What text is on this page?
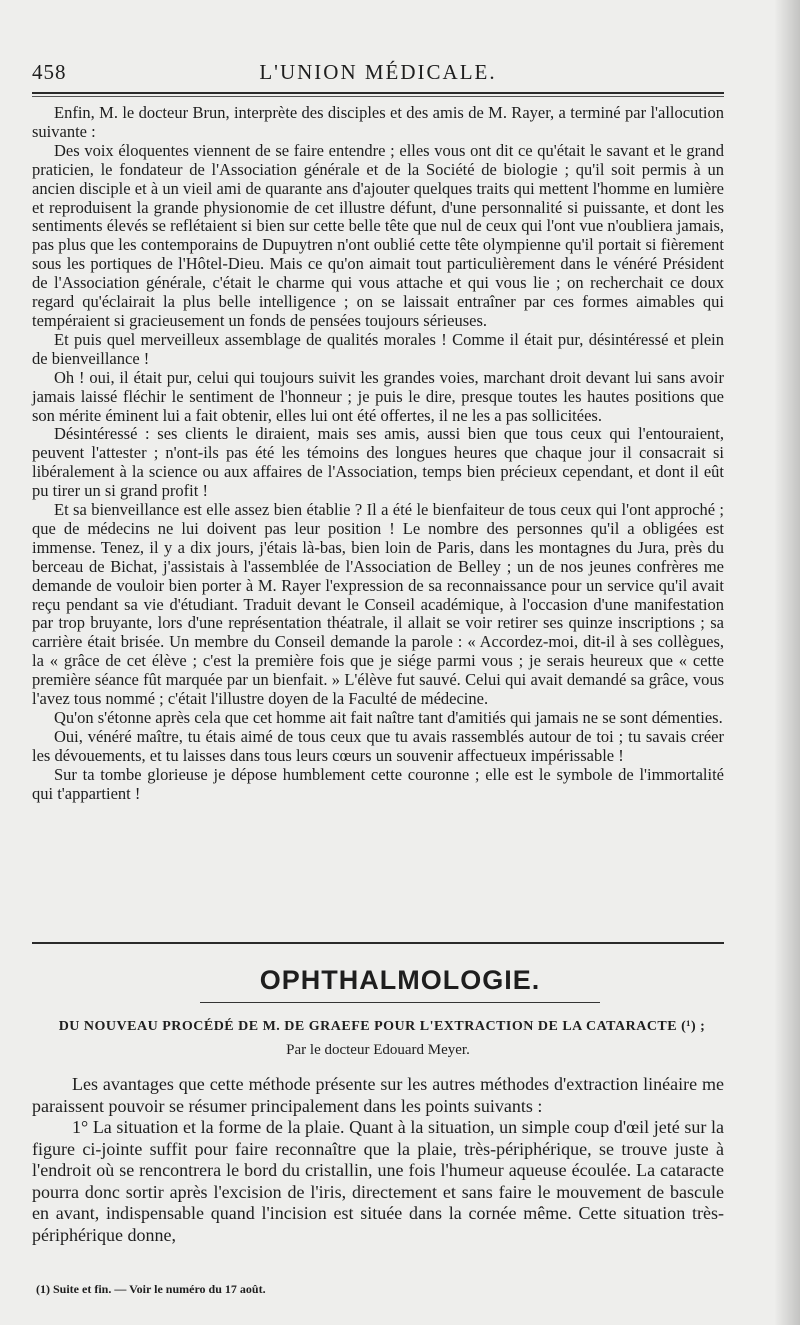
458	L'UNION MÉDICALE.

Enfin, M. le docteur Brun, interprète des disciples et des amis de M. Rayer, a terminé par l'allocution suivante :

Des voix éloquentes viennent de se faire entendre ; elles vous ont dit ce qu'était le savant et le grand praticien, le fondateur de l'Association générale et de la Société de biologie ; qu'il soit permis à un ancien disciple et à un vieil ami de quarante ans d'ajouter quelques traits qui mettent l'homme en lumière et reproduisent la grande physionomie de cet illustre défunt, d'une personnalité si puissante, et dont les sentiments élevés se reflétaient si bien sur cette belle tête que nul de ceux qui l'ont vue n'oubliera jamais, pas plus que les contemporains de Dupuytren n'ont oublié cette tête olympienne qu'il portait si fièrement sous les portiques de l'Hôtel-Dieu. Mais ce qu'on aimait tout particulièrement dans le vénéré Président de l'Association générale, c'était le charme qui vous attache et qui vous lie ; on recherchait ce doux regard qu'éclairait la plus belle intelligence ; on se laissait entraîner par ces formes aimables qui tempéraient si gracieusement un fonds de pensées toujours sérieuses.

Et puis quel merveilleux assemblage de qualités morales ! Comme il était pur, désintéressé et plein de bienveillance !

Oh ! oui, il était pur, celui qui toujours suivit les grandes voies, marchant droit devant lui sans avoir jamais laissé fléchir le sentiment de l'honneur ; je puis le dire, presque toutes les hautes positions que son mérite éminent lui a fait obtenir, elles lui ont été offertes, il ne les a pas sollicitées.

Désintéressé : ses clients le diraient, mais ses amis, aussi bien que tous ceux qui l'entouraient, peuvent l'attester ; n'ont-ils pas été les témoins des longues heures que chaque jour il consacrait si libéralement à la science ou aux affaires de l'Association, temps bien précieux cependant, et dont il eût pu tirer un si grand profit !

Et sa bienveillance est elle assez bien établie ? Il a été le bienfaiteur de tous ceux qui l'ont approché ; que de médecins ne lui doivent pas leur position ! Le nombre des personnes qu'il a obligées est immense. Tenez, il y a dix jours, j'étais là-bas, bien loin de Paris, dans les montagnes du Jura, près du berceau de Bichat, j'assistais à l'assemblée de l'Association de Belley ; un de nos jeunes confrères me demande de vouloir bien porter à M. Rayer l'expression de sa reconnaissance pour un service qu'il avait reçu pendant sa vie d'étudiant. Traduit devant le Conseil académique, à l'occasion d'une manifestation par trop bruyante, lors d'une représentation théatrale, il allait se voir retirer ses quinze inscriptions ; sa carrière était brisée. Un membre du Conseil demande la parole : « Accordez-moi, dit-il à ses collègues, la « grâce de cet élève ; c'est la première fois que je siége parmi vous ; je serais heureux que « cette première séance fût marquée par un bienfait. » L'élève fut sauvé. Celui qui avait demandé sa grâce, vous l'avez tous nommé ; c'était l'illustre doyen de la Faculté de médecine.

Qu'on s'étonne après cela que cet homme ait fait naître tant d'amitiés qui jamais ne se sont démenties.

Oui, vénéré maître, tu étais aimé de tous ceux que tu avais rassemblés autour de toi ; tu savais créer les dévouements, et tu laisses dans tous leurs cœurs un souvenir affectueux impérissable !

Sur ta tombe glorieuse je dépose humblement cette couronne ; elle est le symbole de l'immortalité qui t'appartient !

OPHTHALMOLOGIE.
DU NOUVEAU PROCÉDÉ DE M. DE GRAEFE POUR L'EXTRACTION DE LA CATARACTE (¹) ;
Par le docteur Edouard Meyer.

Les avantages que cette méthode présente sur les autres méthodes d'extraction linéaire me paraissent pouvoir se résumer principalement dans les points suivants :

1° La situation et la forme de la plaie. Quant à la situation, un simple coup d'œil jeté sur la figure ci-jointe suffit pour faire reconnaître que la plaie, très-périphérique, se trouve juste à l'endroit où se rencontrera le bord du cristallin, une fois l'humeur aqueuse écoulée. La cataracte pourra donc sortir après l'excision de l'iris, directement et sans faire le mouvement de bascule en avant, indispensable quand l'incision est située dans la cornée même. Cette situation très-périphérique donne,

(1) Suite et fin. — Voir le numéro du 17 août.
